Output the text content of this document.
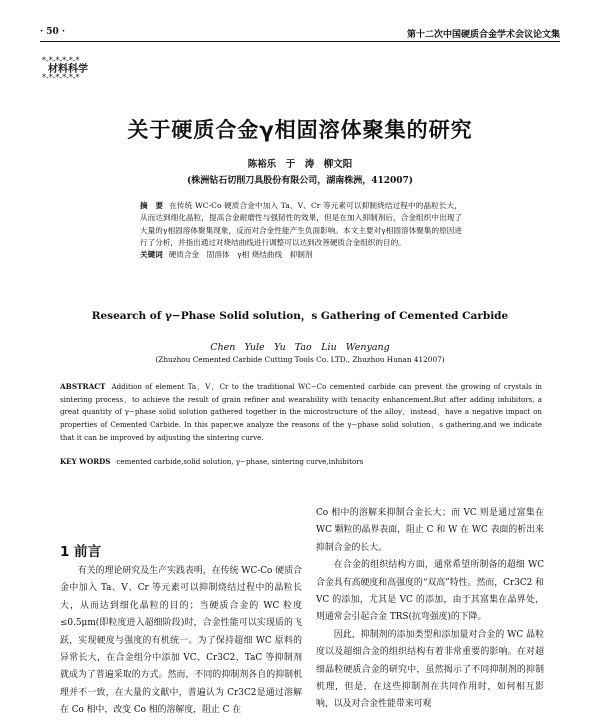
· 50 ·	第十二次中国硬质合金学术会议论文集
*-*-*-*-*-*
材料科学
*-*-*-*-*-*
关于硬质合金γ相固溶体聚集的研究
陈裕乐　于　涛　柳文阳
(株洲钻石切削刀具股份有限公司，湖南株洲，412007)
摘　要 在传统 WC-Co 硬质合金中加入 Ta、V、Cr 等元素可以抑制烧结过程中的晶粒长大，从而达到细化晶粒，提高合金耐磨性与强韧性的效果，但是在加入抑制剂后，合金组织中出现了大量的γ相固溶体聚集现象，反而对合金性能产生负面影响。本文主要对γ相固溶体聚集的原因进行了分析，并指出通过对烧结曲线进行调整可以达到改善硬质合金组织的目的。
关键词 硬质合金　固溶体　γ相 烧结曲线　抑制剂
Research of γ−Phase Solid solution，s Gathering of Cemented Carbide
Chen Yule　Yu Tao　Liu Wenyang
(Zhuzhou Cemented Carbide Cutting Tools Co. LTD., Zhuzhou Hunan 412007)
ABSTRACT Addition of element Ta，V，Cr to the traditional WC−Co cemented carbide can prevent the growing of crystals in sintering process，to achieve the result of grain refiner and wearability with tenacity enhancement.But after adding inhibitors, a great quantity of γ−phase solid solution gathered together in the microstructure of the alloy，instead，have a negative impact on properties of Cemented Carbide. In this paper,we analyze the reasons of the γ−phase solid solution，s gathering,and we indicate that it can be improved by adjusting the sintering curve.
KEY WORDS cemented carbide,solid solution, γ−phase, sintering curve,inhibitors
1 前言

有关的理论研究及生产实践表明，在传统 WC-Co 硬质合金中加入 Ta、V、Cr 等元素可以抑制烧结过程中的晶粒长大，从而达到细化晶粒的目的；当硬质合金的 WC 粒度≤0.5μm(即粒度进入超细阶段)时，合金性能可以实现质的飞跃，实现硬度与强度的有机统一。为了保持超细 WC 原料的异常长大，在合金组分中添加 VC、Cr3C2、TaC 等抑制剂就成为了普遍采取的方式。然而，不同的抑制剂各自的抑制机理并不一致，在大量的文献中，普遍认为 Cr3C2是通过溶解在 Co 相中，改变 Co 相的溶解度，阻止 C 在

Co 相中的溶解来抑制合金长大；而 VC 则是通过富集在 WC 颗粒的晶界表面，阻止 C 和 W 在 WC 表面的析出来抑制合金的长大。

在合金的组织结构方面，通常希望所制备的超细 WC 合金具有高硬度和高强度的“双高”特性。然而，Cr3C2 和 VC 的添加，尤其是 VC 的添加，由于其富集在晶界处，则通常会引起合金 TRS(抗弯强度)的下降。

因此，抑制剂的添加类型和添加量对合金的 WC 晶粒度以及超细合金的组织结构有着非常重要的影响。在对超细晶粒硬质合金的研究中，虽然揭示了不同抑制剂的抑制机理，但是，在这些抑制剂在共同作用时，如何相互影响，以及对合金性能带来可观
